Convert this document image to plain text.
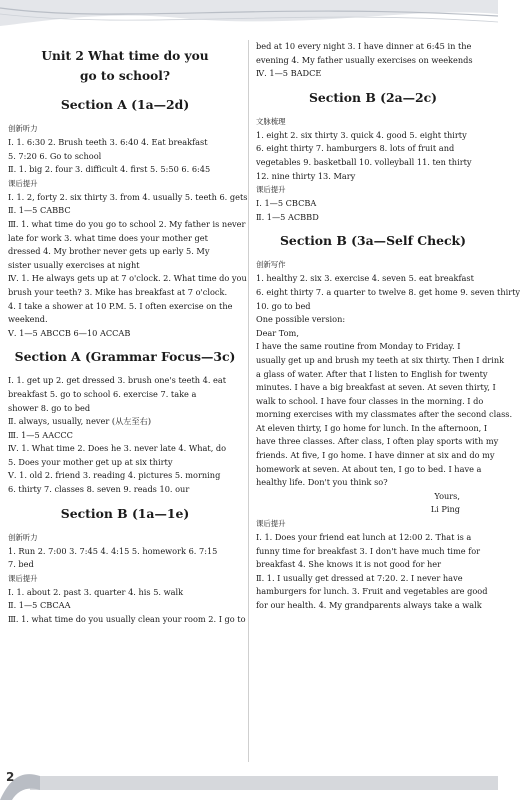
Unit 2 What time do you
go to school?
Section A (1a—2d)
创新听力
Ⅰ. 1. 6:30 2. Brush teeth 3. 6:40 4. Eat breakfast
5. 7:20 6. Go to school
Ⅱ. 1. big 2. four 3. difficult 4. first 5. 5:50 6. 6:45
课后提升
Ⅰ. 1. 2, forty 2. six thirty 3. from 4. usually 5. teeth 6. gets
Ⅱ. 1—5 CABBC
Ⅲ. 1. what time do you go to school 2. My father is never
late for work 3. what time does your mother get
dressed 4. My brother never gets up early 5. My
sister usually exercises at night
Ⅳ. 1. He always gets up at 7 o'clock. 2. What time do you
brush your teeth? 3. Mike has breakfast at 7 o'clock.
4. I take a shower at 10 P.M. 5. I often exercise on the
weekend.
Ⅴ. 1—5 ABCCB 6—10 ACCAB
Section A (Grammar Focus—3c)
Ⅰ. 1. get up 2. get dressed 3. brush one's teeth 4. eat
breakfast 5. go to school 6. exercise 7. take a
shower 8. go to bed
Ⅱ. always, usually, never (从左至右)
Ⅲ. 1—5 AACCC
Ⅳ. 1. What time 2. Does he 3. never late 4. What, do
5. Does your mother get up at six thirty
Ⅴ. 1. old 2. friend 3. reading 4. pictures 5. morning
6. thirty 7. classes 8. seven 9. reads 10. our
Section B (1a—1e)
创新听力
1. Run 2. 7:00 3. 7:45 4. 4:15 5. homework 6. 7:15
7. bed
课后提升
Ⅰ. 1. about 2. past 3. quarter 4. his 5. walk
Ⅱ. 1—5 CBCAA
Ⅲ. 1. what time do you usually clean your room 2. I go to
bed at 10 every night 3. I have dinner at 6:45 in the
evening 4. My father usually exercises on weekends
Ⅳ. 1—5 BADCE
Section B (2a—2c)
文脉梳理
1. eight 2. six thirty 3. quick 4. good 5. eight thirty
6. eight thirty 7. hamburgers 8. lots of fruit and
vegetables 9. basketball 10. volleyball 11. ten thirty
12. nine thirty 13. Mary
课后提升
Ⅰ. 1—5 CBCBA
Ⅱ. 1—5 ACBBD
Section B (3a—Self Check)
创新写作
1. healthy 2. six 3. exercise 4. seven 5. eat breakfast
6. eight thirty 7. a quarter to twelve 8. get home 9. seven thirty
10. go to bed
One possible version:
Dear Tom,
I have the same routine from Monday to Friday. I
usually get up and brush my teeth at six thirty. Then I drink
a glass of water. After that I listen to English for twenty
minutes. I have a big breakfast at seven. At seven thirty, I
walk to school. I have four classes in the morning. I do
morning exercises with my classmates after the second class.
At eleven thirty, I go home for lunch. In the afternoon, I
have three classes. After class, I often play sports with my
friends. At five, I go home. I have dinner at six and do my
homework at seven. At about ten, I go to bed. I have a
healthy life. Don't you think so?
Yours,
Li Ping
课后提升
Ⅰ. 1. Does your friend eat lunch at 12:00 2. That is a
funny time for breakfast 3. I don't have much time for
breakfast 4. She knows it is not good for her
Ⅱ. 1. I usually get dressed at 7:20. 2. I never have
hamburgers for lunch. 3. Fruit and vegetables are good
for our health. 4. My grandparents always take a walk
2
